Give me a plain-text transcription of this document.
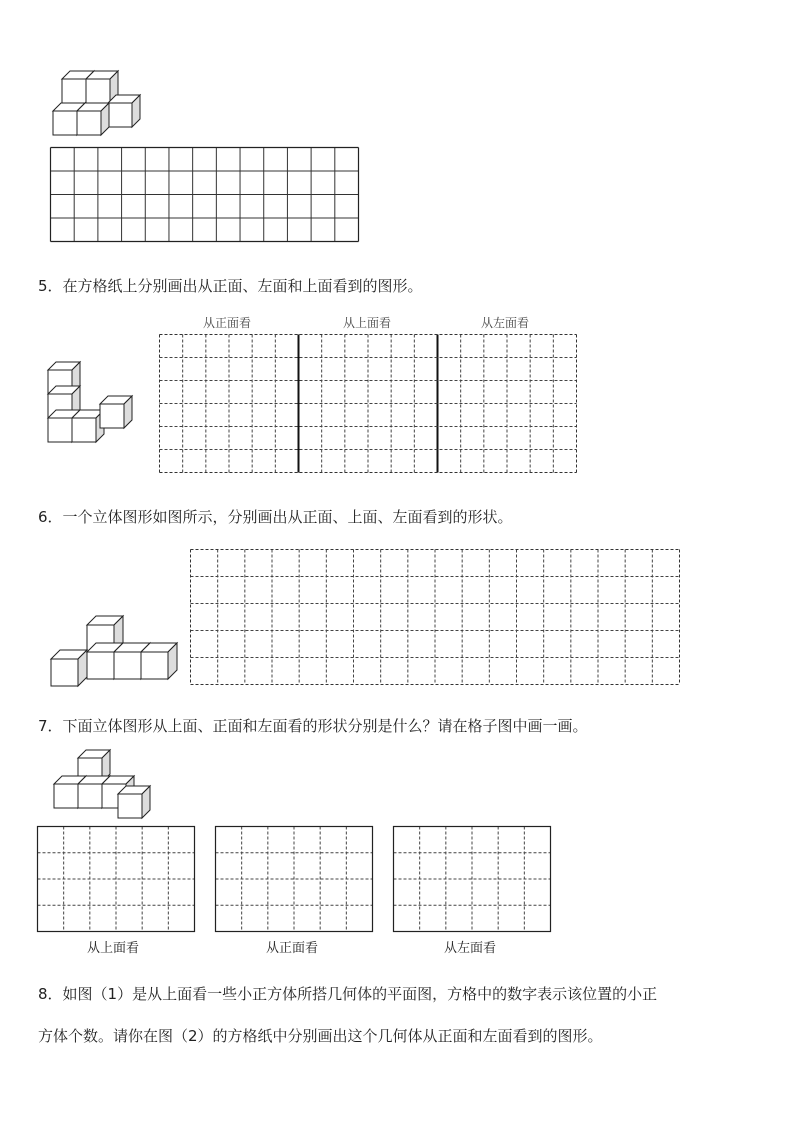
5．在方格纸上分别画出从正面、左面和上面看到的图形。
从正面看	从上面看	从左面看
6．一个立体图形如图所示，分别画出从正面、上面、左面看到的形状。
7．下面立体图形从上面、正面和左面看的形状分别是什么？请在格子图中画一画。
从上面看	从正面看	从左面看
8．如图（1）是从上面看一些小正方体所搭几何体的平面图，方格中的数字表示该位置的小正
方体个数。请你在图（2）的方格纸中分别画出这个几何体从正面和左面看到的图形。
